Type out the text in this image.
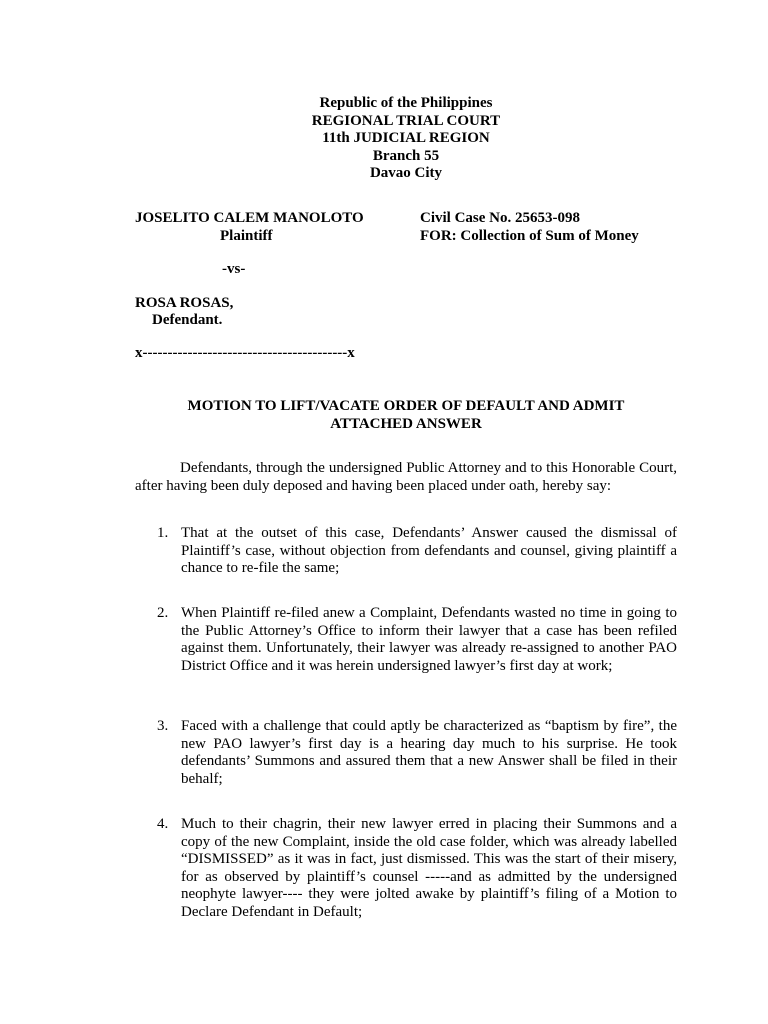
Republic of the Philippines
REGIONAL TRIAL COURT
11th JUDICIAL REGION
Branch 55
Davao City
JOSELITO CALEM MANOLOTO
Plaintiff
Civil Case No. 25653-098
FOR: Collection of Sum of Money
-vs-
ROSA ROSAS,
Defendant.
x-----------------------------------------x
MOTION TO LIFT/VACATE ORDER OF DEFAULT AND ADMIT
ATTACHED ANSWER
Defendants, through the undersigned Public Attorney and to this Honorable Court, after having been duly deposed and having been placed under oath, hereby say:
1. That at the outset of this case, Defendants’ Answer caused the dismissal of Plaintiff’s case, without objection from defendants and counsel, giving plaintiff a chance to re-file the same;
2. When Plaintiff re-filed anew a Complaint, Defendants wasted no time in going to the Public Attorney’s Office to inform their lawyer that a case has been refiled against them. Unfortunately, their lawyer was already re-assigned to another PAO District Office and it was herein undersigned lawyer’s first day at work;
3. Faced with a challenge that could aptly be characterized as “baptism by fire”, the new PAO lawyer’s first day is a hearing day much to his surprise. He took defendants’ Summons and assured them that a new Answer shall be filed in their behalf;
4. Much to their chagrin, their new lawyer erred in placing their Summons and a copy of the new Complaint, inside the old case folder, which was already labelled “DISMISSED” as it was in fact, just dismissed. This was the start of their misery, for as observed by plaintiff’s counsel -----and as admitted by the undersigned neophyte lawyer---- they were jolted awake by plaintiff’s filing of a Motion to Declare Defendant in Default;
